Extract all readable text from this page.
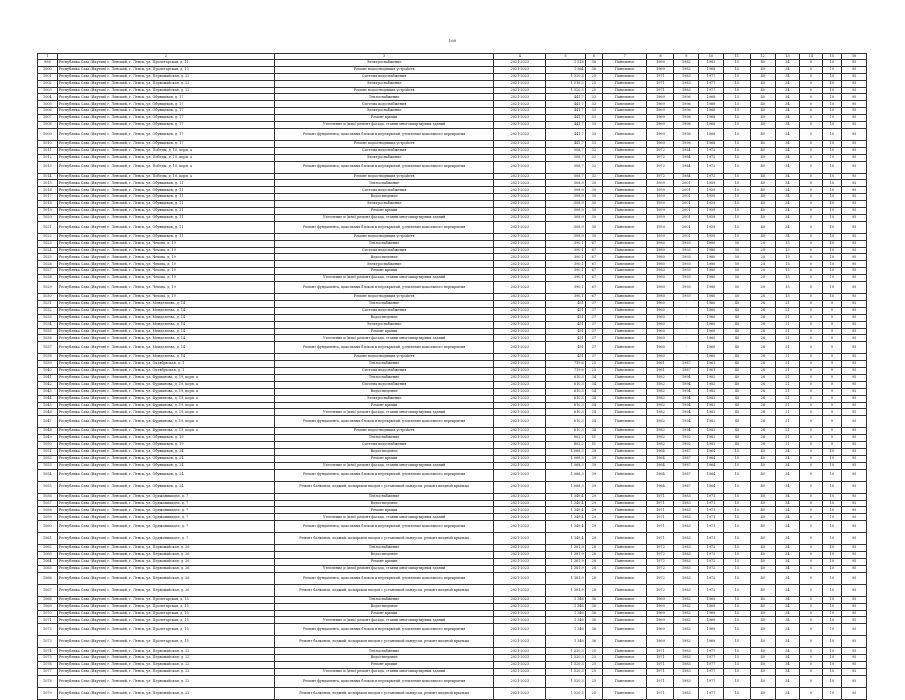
160
1	2	3	4	5	6	7	8	9	10	11	12	13	14	15	16
996	Республика Саха (Якутия) г. Ленский, г. Ленск, ул. Пролетарская, д. 11	Электроснабжение	2021-2023	1 518	38	Панельное	1969	1982	1983	15	40	34	0	10	95
1000	Республика Саха (Якутия) г. Ленский, г. Ленск, ул. Пролетарская, д. 13	Ремонт водоотводящих устройств	2021-2023	1 564	36	Панельное	1969	1982	1968	15	40	34	0	10	95
1001	Республика Саха (Якутия) г. Ленский, г. Ленск, ул. Первомайская, д. 22	Система водоснабжения	2021-2023	1 520,3	25	Панельное	1971	1983	1977	15	40	34	0	10	95
1002	Республика Саха (Якутия) г. Ленский, г. Ленск, ул. Первомайская, д. 22	Электроснабжение	2021-2023	1 518,3	25	Панельное	1971	1983	1977	15	40	34	0	10	95
1003	Республика Саха (Якутия) г. Ленский, г. Ленск, ул. Первомайская, д. 22	Ремонт водоотводящих устройств	2021-2023	1 520,3	25	Панельное	1971	1983	1977	15	40	34	0	10	95
1004	Республика Саха (Якутия) г. Ленский, г. Ленск, ул. Обувщиков, д. 17	Теплоснабжение	2021-2023	441,7	33	Панельное	1969	1996	1968	15	40	34	0	10	95
1005	Республика Саха (Якутия) г. Ленский, г. Ленск, ул. Обувщиков, д. 17	Система водоснабжения	2021-2023	441,7	33	Панельное	1969	1996	1968	15	40	34	0	10	95
1006	Республика Саха (Якутия) г. Ленский, г. Ленск, ул. Обувщиков, д. 17	Электроснабжение	2021-2023	441,7	33	Панельное	1969	1996	1968	15	40	34	0	10	95
1007	Республика Саха (Якутия) г. Ленский, г. Ленск, ул. Обувщиков, д. 17	Ремонт крыши	2021-2023	441,7	33	Панельное	1969	1996	1968	15	40	34	0	10	95
1008	Республика Саха (Якутия) г. Ленский, г. Ленск, ул. Обувщиков, д. 17	Утепление и (или) ремонт фасада, ставни многоквартирных зданий	2021-2023	441,7	33	Панельное	1969	1996	1968	15	40	34	0	10	95
1009	Республика Саха (Якутия) г. Ленский, г. Ленск, ул. Обувщиков, д. 17	Ремонт фундамента, цокольных блоков и перекрытий, утепление цокольного перекрытия	2021-2023	441,7	33	Панельное	1969	1996	1968	15	40	34	0	10	95
1010	Республика Саха (Якутия) г. Ленский, г. Ленск, ул. Обувщиков, д. 17	Ремонт водоотводящих устройств	2021-2023	441,7	33	Панельное	1969	1996	1968	15	40	34	0	10	95
1011	Республика Саха (Якутия) г. Ленский, г. Ленск, ул. Победы, д. 10, корп. а	Система водоснабжения	2021-2023	508,7	32	Панельное	1972	1984	1972	15	40	34	0	10	95
1012	Республика Саха (Якутия) г. Ленский, г. Ленск, ул. Победы, д. 10, корп. а	Электроснабжение	2021-2023	508,7	32	Панельное	1972	1984	1972	15	40	34	0	10	95
1013	Республика Саха (Якутия) г. Ленский, г. Ленск, ул. Победы, д. 10, корп. а	Ремонт фундамента, цокольных блоков и перекрытий, утепление цокольного перекрытия	2021-2023	508,7	32	Панельное	1972	1984	1972	15	40	34	0	10	95
1014	Республика Саха (Якутия) г. Ленский, г. Ленск, ул. Победы, д. 10, корп. а	Ремонт водоотводящих устройств	2021-2023	508,7	32	Панельное	1972	1984	1972	15	40	34	0	10	95
1015	Республика Саха (Якутия) г. Ленский, г. Ленск, ул. Обувщиков, д. 11	Теплоснабжение	2021-2023	508,9	30	Панельное	1959	2001	1959	15	40	34	0	10	95
1016	Республика Саха (Якутия) г. Ленский, г. Ленск, ул. Обувщиков, д. 11	Система водоснабжения	2021-2023	508,9	30	Панельное	1959	2001	1959	15	40	34	0	10	95
1017	Республика Саха (Якутия) г. Ленский, г. Ленск, ул. Обувщиков, д. 11	Водоотведение	2021-2023	508,9	30	Панельное	1959	2001	1959	15	40	34	0	10	95
1018	Республика Саха (Якутия) г. Ленский, г. Ленск, ул. Обувщиков, д. 11	Электроснабжение	2021-2023	508,9	30	Панельное	1959	2001	1959	15	40	34	0	10	95
1019	Республика Саха (Якутия) г. Ленский, г. Ленск, ул. Обувщиков, д. 11	Ремонт крыши	2021-2023	508,9	30	Панельное	1959	2001	1959	15	40	34	0	10	95
1020	Республика Саха (Якутия) г. Ленский, г. Ленск, ул. Обувщиков, д. 11	Утепление и (или) ремонт фасада, ставни многоквартирных зданий	2021-2023	508,9	30	Панельное	1959	2001	1959	15	40	34	0	10	95
1021	Республика Саха (Якутия) г. Ленский, г. Ленск, ул. Обувщиков, д. 11	Ремонт фундамента, цокольных блоков и перекрытий, утепление цокольного перекрытия	2021-2023	508,9	30	Панельное	1959	2001	1959	15	40	34	0	10	95
1022	Республика Саха (Якутия) г. Ленский, г. Ленск, ул. Обувщиков, д. 11	Ремонт водоотводящих устройств	2021-2023	508,9	30	Панельное	1959	2001	1959	15	40	34	0	10	95
1023	Республика Саха (Якутия) г. Ленский, г. Ленск, ул. Чехова, д. 19	Теплоснабжение	2021-2023	390,1	67	Панельное	1980	1993	1980	50	20	15	0	10	95
1024	Республика Саха (Якутия) г. Ленский, г. Ленск, ул. Чехова, д. 19	Система водоснабжения	2021-2023	390,1	67	Панельное	1980	1993	1980	50	20	15	0	10	95
1025	Республика Саха (Якутия) г. Ленский, г. Ленск, ул. Чехова, д. 19	Водоотведение	2021-2023	390,1	67	Панельное	1980	1993	1980	50	20	15	0	10	95
1026	Республика Саха (Якутия) г. Ленский, г. Ленск, ул. Чехова, д. 19	Электроснабжение	2021-2023	390,1	67	Панельное	1980	1993	1980	50	20	15	0	10	95
1027	Республика Саха (Якутия) г. Ленский, г. Ленск, ул. Чехова, д. 19	Ремонт крыши	2021-2023	390,1	67	Панельное	1980	1993	1980	50	20	15	0	10	95
1028	Республика Саха (Якутия) г. Ленский, г. Ленск, ул. Чехова, д. 19	Утепление и (или) ремонт фасада, ставни многоквартирных зданий	2021-2023	390,1	67	Панельное	1980	1993	1980	50	20	15	0	10	95
1029	Республика Саха (Якутия) г. Ленский, г. Ленск, ул. Чехова, д. 19	Ремонт фундамента, цокольных блоков и перекрытий, утепление цокольного перекрытия	2021-2023	390,1	67	Панельное	1980	1993	1980	50	20	15	0	10	95
1030	Республика Саха (Якутия) г. Ленский, г. Ленск, ул. Чехова, д. 19	Ремонт водоотводящих устройств	2021-2023	390,1	67	Панельное	1980	1993	1980	50	20	15	0	10	95
1031	Республика Саха (Якутия) г. Ленский, г. Ленск, ул. Менделеева, д. 14	Теплоснабжение	2021-2023	451	37	Панельное	1960	-	1960	40	28	21	0	9	95
1032	Республика Саха (Якутия) г. Ленский, г. Ленск, ул. Менделеева, д. 14	Система водоснабжения	2021-2023	451	37	Панельное	1960	-	1960	40	28	21	0	9	95
1033	Республика Саха (Якутия) г. Ленский, г. Ленск, ул. Менделеева, д. 14	Водоотведение	2021-2023	451	37	Панельное	1960	-	1960	40	28	21	0	9	95
1034	Республика Саха (Якутия) г. Ленский, г. Ленск, ул. Менделеева, д. 14	Электроснабжение	2021-2023	451	37	Панельное	1960	-	1960	40	28	21	0	9	95
1035	Республика Саха (Якутия) г. Ленский, г. Ленск, ул. Менделеева, д. 14	Ремонт крыши	2021-2023	451	37	Панельное	1960	-	1960	40	28	21	0	9	95
1036	Республика Саха (Якутия) г. Ленский, г. Ленск, ул. Менделеева, д. 14	Утепление и (или) ремонт фасада, ставни многоквартирных зданий	2021-2023	451	37	Панельное	1960	-	1960	40	28	21	0	9	95
1037	Республика Саха (Якутия) г. Ленский, г. Ленск, ул. Менделеева, д. 14	Ремонт фундамента, цокольных блоков и перекрытий, утепление цокольного перекрытия	2021-2023	451	37	Панельное	1960	-	1960	40	28	21	0	9	95
1038	Республика Саха (Якутия) г. Ленский, г. Ленск, ул. Менделеева, д. 14	Ремонт водоотводящих устройств	2021-2023	451	37	Панельное	1960	-	1960	40	28	21	0	9	95
1039	Республика Саха (Якутия) г. Ленский, г. Ленск, ул. Октябрьская, д. 1	Теплоснабжение	2021-2023	719,6	25	Панельное	1961	1987	1961	40	28	21	0	9	95
1040	Республика Саха (Якутия) г. Ленский, г. Ленск, ул. Октябрьская, д. 1	Система водоснабжения	2021-2023	719,6	25	Панельное	1961	1987	1961	40	28	21	0	9	95
1041	Республика Саха (Якутия) г. Ленский, г. Ленск, ул. Фурманова, д. 19, корп. а	Теплоснабжение	2021-2023	610,3	34	Панельное	1982	1994	1982	40	28	21	0	9	95
1042	Республика Саха (Якутия) г. Ленский, г. Ленск, ул. Фурманова, д. 19, корп. а	Система водоснабжения	2021-2023	610,3	34	Панельное	1982	1994	1982	40	28	21	0	9	95
1043	Республика Саха (Якутия) г. Ленский, г. Ленск, ул. Фурманова, д. 19, корп. а	Водоотведение	2021-2023	610,3	34	Панельное	1982	1994	1982	40	28	21	0	9	95
1044	Республика Саха (Якутия) г. Ленский, г. Ленск, ул. Фурманова, д. 19, корп. а	Электроснабжение	2021-2023	610,3	34	Панельное	1982	1994	1982	40	28	21	0	9	95
1045	Республика Саха (Якутия) г. Ленский, г. Ленск, ул. Фурманова, д. 19, корп. а	Ремонт крыши	2021-2023	610,3	34	Панельное	1982	1994	1982	40	28	21	0	9	95
1046	Республика Саха (Якутия) г. Ленский, г. Ленск, ул. Фурманова, д. 19, корп. а	Утепление и (или) ремонт фасада, ставни многоквартирных зданий	2021-2023	610,3	34	Панельное	1982	1994	1982	40	28	21	0	9	95
1047	Республика Саха (Якутия) г. Ленский, г. Ленск, ул. Фурманова, д. 19, корп. а	Ремонт фундамента, цокольных блоков и перекрытий, утепление цокольного перекрытия	2021-2023	610,3	34	Панельное	1982	1994	1982	40	28	21	0	9	95
1048	Республика Саха (Якутия) г. Ленский, г. Ленск, ул. Фурманова, д. 19, корп. а	Ремонт водоотводящих устройств	2021-2023	610,3	34	Панельное	1982	1994	1982	40	28	21	0	9	95
1049	Республика Саха (Якутия) г. Ленский, г. Ленск, ул. Обувщиков, д. 19	Теплоснабжение	2021-2023	802,2	51	Панельное	1982	1992	1982	40	28	21	0	9	95
1050	Республика Саха (Якутия) г. Ленский, г. Ленск, ул. Обувщиков, д. 19	Система водоснабжения	2021-2023	802,2	51	Панельное	1982	1992	1982	40	28	21	0	9	95
1051	Республика Саха (Якутия) г. Ленский, г. Ленск, ул. Обувщиков, д. 24	Водоотведение	2021-2023	1 068,3	39	Панельное	1964	1987	1964	15	40	34	0	10	95
1052	Республика Саха (Якутия) г. Ленский, г. Ленск, ул. Обувщиков, д. 24	Ремонт крыши	2021-2023	1 068,3	39	Панельное	1964	1987	1964	15	40	34	0	10	95
1053	Республика Саха (Якутия) г. Ленский, г. Ленск, ул. Обувщиков, д. 24	Утепление и (или) ремонт фасада, ставни многоквартирных зданий	2021-2023	1 068,3	39	Панельное	1964	1987	1964	15	40	34	0	10	95
1054	Республика Саха (Якутия) г. Ленский, г. Ленск, ул. Обувщиков, д. 24	Ремонт фундамента, цокольных блоков и перекрытий, утепление цокольного перекрытия	2021-2023	1 068,3	39	Панельное	1964	1987	1964	15	40	34	0	10	95
1055	Республика Саха (Якутия) г. Ленский, г. Ленск, ул. Обувщиков, д. 24	Ремонт балконов, лоджий, козырьков входов с установкой пандусов, ремонт входной крыльца	2021-2023	1 068,3	39	Панельное	1964	1987	1964	15	40	34	0	10	95
1056	Республика Саха (Якутия) г. Ленский, г. Ленск, ул. Орджоникидзе, д. 7	Теплоснабжение	2021-2023	1 349,4	29	Панельное	1971	1983	1971	15	40	34	0	10	95
1057	Республика Саха (Якутия) г. Ленский, г. Ленск, ул. Орджоникидзе, д. 7	Водоотведение	2021-2023	1 349,4	29	Панельное	1971	1983	1971	15	40	34	0	10	95
1058	Республика Саха (Якутия) г. Ленский, г. Ленск, ул. Орджоникидзе, д. 7	Ремонт крыши	2021-2023	1 349,4	29	Панельное	1971	1983	1971	15	40	34	0	10	95
1059	Республика Саха (Якутия) г. Ленский, г. Ленск, ул. Орджоникидзе, д. 7	Утепление и (или) ремонт фасада, ставни многоквартирных зданий	2021-2023	1 349,4	29	Панельное	1971	1983	1971	15	40	34	0	10	95
1060	Республика Саха (Якутия) г. Ленский, г. Ленск, ул. Орджоникидзе, д. 7	Ремонт фундамента, цокольных блоков и перекрытий, утепление цокольного перекрытия	2021-2023	1 349,4	29	Панельное	1971	1983	1971	15	40	34	0	10	95
1061	Республика Саха (Якутия) г. Ленский, г. Ленск, ул. Орджоникидзе, д. 7	Ремонт балконов, лоджий, козырьков входов с установкой пандусов, ремонт входной крыльца	2021-2023	1 349,4	29	Панельное	1971	1983	1971	15	40	34	0	10	95
1062	Республика Саха (Якутия) г. Ленский, г. Ленск, ул. Первомайская, д. 26	Теплоснабжение	2021-2023	1 381,9	28	Панельное	1972	1983	1972	15	40	34	0	10	95
1063	Республика Саха (Якутия) г. Ленский, г. Ленск, ул. Первомайская, д. 26	Водоотведение	2021-2023	1 381,9	28	Панельное	1972	1983	1972	15	40	34	0	10	95
1064	Республика Саха (Якутия) г. Ленский, г. Ленск, ул. Первомайская, д. 26	Ремонт крыши	2021-2023	1 381,9	28	Панельное	1972	1983	1972	15	40	34	0	10	95
1065	Республика Саха (Якутия) г. Ленский, г. Ленск, ул. Первомайская, д. 26	Утепление и (или) ремонт фасада, ставни многоквартирных зданий	2021-2023	1 381,9	28	Панельное	1972	1983	1972	15	40	34	0	10	95
1066	Республика Саха (Якутия) г. Ленский, г. Ленск, ул. Первомайская, д. 26	Ремонт фундамента, цокольных блоков и перекрытий, утепление цокольного перекрытия	2021-2023	1 381,9	28	Панельное	1972	1983	1972	15	40	34	0	10	95
1067	Республика Саха (Якутия) г. Ленский, г. Ленск, ул. Первомайская, д. 26	Ремонт балконов, лоджий, козырьков входов с установкой пандусов, ремонт входной крыльца	2021-2023	1 381,9	28	Панельное	1972	1983	1972	15	40	34	0	10	95
1068	Республика Саха (Якутия) г. Ленский, г. Ленск, ул. Пролетарская, д. 15	Теплоснабжение	2021-2023	1 346	36	Панельное	1969	1982	1969	15	40	34	0	10	95
1069	Республика Саха (Якутия) г. Ленский, г. Ленск, ул. Пролетарская, д. 15	Водоотведение	2021-2023	1 346	36	Панельное	1969	1982	1969	15	40	34	0	10	95
1070	Республика Саха (Якутия) г. Ленский, г. Ленск, ул. Пролетарская, д. 15	Ремонт крыши	2021-2023	1 346	36	Панельное	1969	1982	1969	15	40	34	0	10	95
1071	Республика Саха (Якутия) г. Ленский, г. Ленск, ул. Пролетарская, д. 15	Утепление и (или) ремонт фасада, ставни многоквартирных зданий	2021-2023	1 346	36	Панельное	1969	1982	1969	15	40	34	0	10	95
1072	Республика Саха (Якутия) г. Ленский, г. Ленск, ул. Пролетарская, д. 15	Ремонт фундамента, цокольных блоков и перекрытий, утепление цокольного перекрытия	2021-2023	1 346	36	Панельное	1969	1982	1969	15	40	34	0	10	95
1073	Республика Саха (Якутия) г. Ленский, г. Ленск, ул. Пролетарская, д. 15	Ремонт балконов, лоджий, козырьков входов с установкой пандусов, ремонт входной крыльца	2021-2023	1 346	36	Панельное	1969	1982	1969	15	40	34	0	10	95
1074	Республика Саха (Якутия) г. Ленский, г. Ленск, ул. Первомайская, д. 22	Теплоснабжение	2021-2023	1 520,3	25	Панельное	1971	1983	1977	15	40	34	0	10	95
1075	Республика Саха (Якутия) г. Ленский, г. Ленск, ул. Первомайская, д. 22	Водоотведение	2021-2023	1 520,3	25	Панельное	1971	1983	1977	15	40	34	0	10	95
1076	Республика Саха (Якутия) г. Ленский, г. Ленск, ул. Первомайская, д. 22	Ремонт крыши	2021-2023	1 520,3	25	Панельное	1971	1983	1977	15	40	34	0	10	95
1077	Республика Саха (Якутия) г. Ленский, г. Ленск, ул. Первомайская, д. 22	Утепление и (или) ремонт фасада, ставни многоквартирных зданий	2021-2023	1 520,3	25	Панельное	1971	1983	1977	15	40	34	0	10	95
1078	Республика Саха (Якутия) г. Ленский, г. Ленск, ул. Первомайская, д. 22	Ремонт фундамента, цокольных блоков и перекрытий, утепление цокольного перекрытия	2021-2023	1 520,3	25	Панельное	1971	1983	1977	15	40	34	0	10	95
1079	Республика Саха (Якутия) г. Ленский, г. Ленск, ул. Первомайская, д. 22	Ремонт балконов, лоджий, козырьков входов с установкой пандусов, ремонт входной крыльца	2021-2023	1 520,3	25	Панельное	1971	1983	1977	15	40	34	0	10	95
